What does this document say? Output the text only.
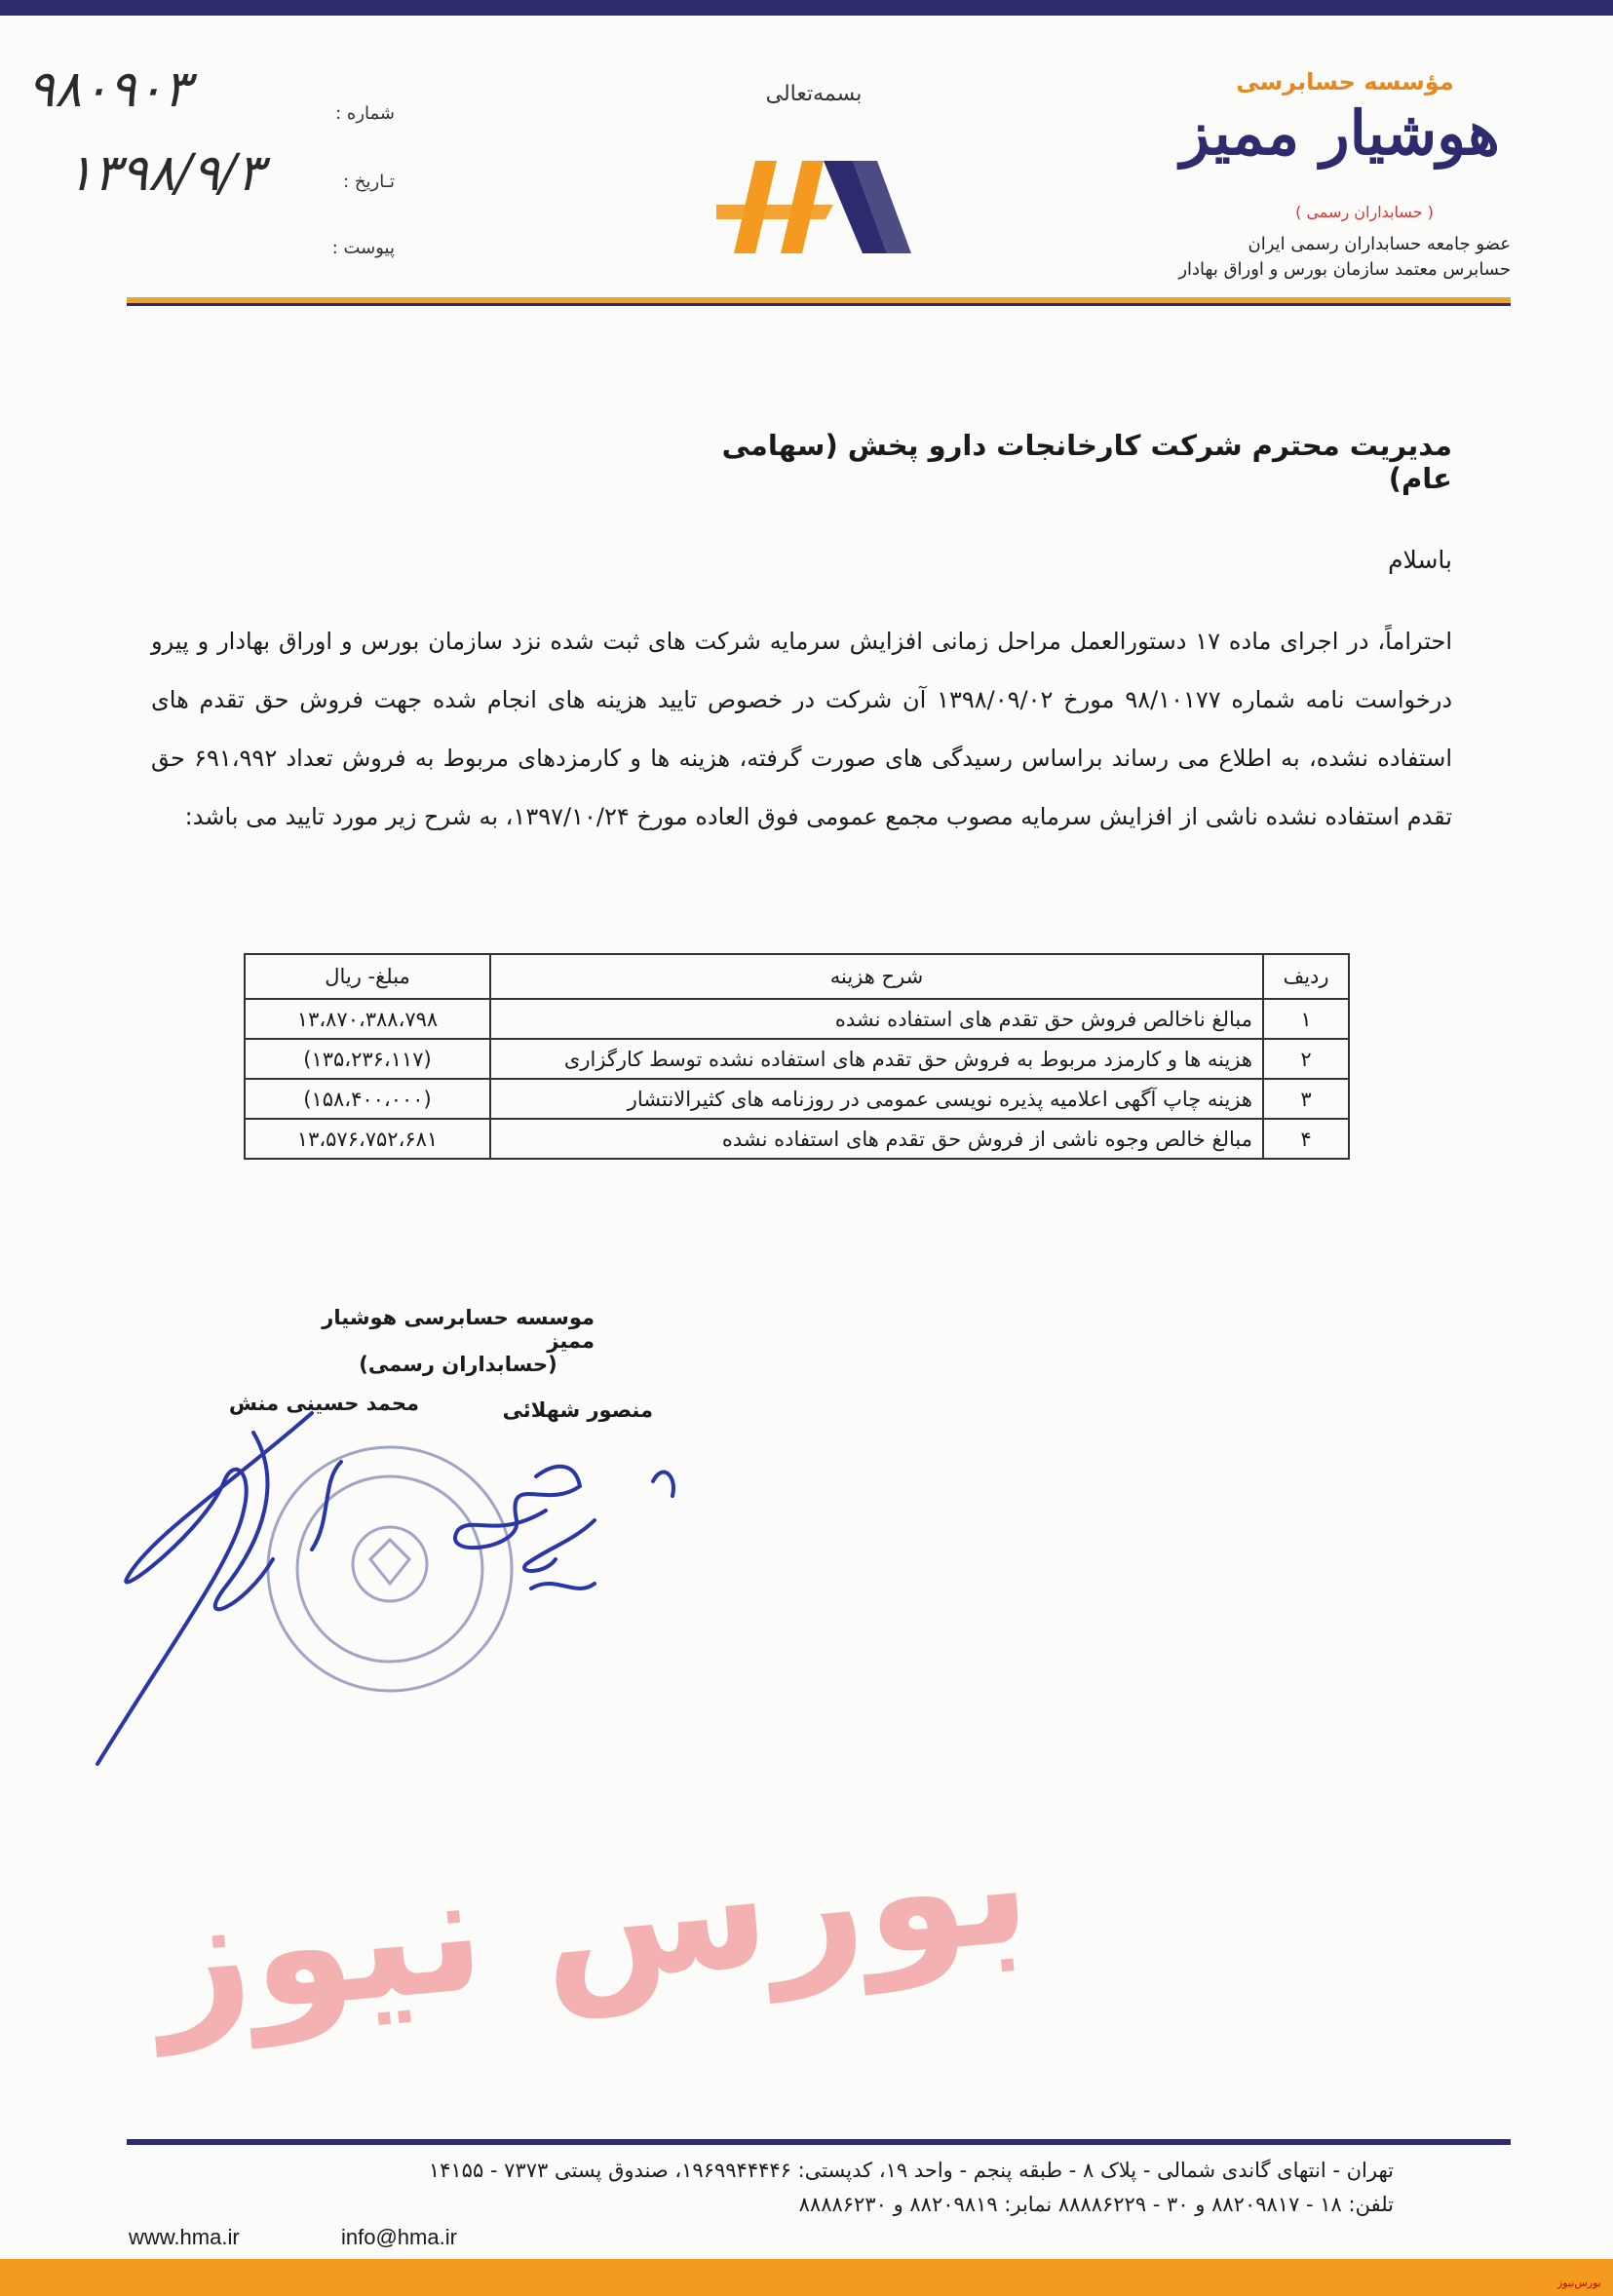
۹۸۰۹۰۳
۱۳۹۸/۹/۳
شماره :
تـاریخ :
پیوست :
بسمه‌تعالی	مؤسسه حسابرسی
هوشیار ممیز
( حسابداران رسمی )
عضو جامعه حسابداران رسمی ایران
حسابرس معتمد سازمان بورس و اوراق بهادار
مدیریت محترم شرکت کارخانجات دارو پخش (سهامی عام)
باسلام
احتراماً، در اجرای ماده ۱۷ دستورالعمل مراحل زمانی افزایش سرمایه شرکت های ثبت شده نزد سازمان بورس و اوراق بهادار و پیرو درخواست نامه شماره ۹۸/۱۰۱۷۷ مورخ ۱۳۹۸/۰۹/۰۲ آن شرکت در خصوص تایید هزینه های انجام شده جهت فروش حق تقدم های استفاده نشده، به اطلاع می رساند براساس رسیدگی های صورت گرفته، هزینه ها و کارمزدهای مربوط به فروش تعداد ۶۹۱،۹۹۲ حق تقدم استفاده نشده ناشی از افزایش سرمایه مصوب مجمع عمومی فوق العاده مورخ ۱۳۹۷/۱۰/۲۴، به شرح زیر مورد تایید می باشد:
ردیف	شرح هزینه	مبلغ- ریال
۱	مبالغ ناخالص فروش حق تقدم های استفاده نشده	۱۳،۸۷۰،۳۸۸،۷۹۸
۲	هزینه ها و کارمزد مربوط به فروش حق تقدم های استفاده نشده توسط کارگزاری	(۱۳۵،۲۳۶،۱۱۷)
۳	هزینه چاپ آگهی اعلامیه پذیره نویسی عمومی در روزنامه های کثیرالانتشار	(۱۵۸،۴۰۰،۰۰۰)
۴	مبالغ خالص وجوه ناشی از فروش حق تقدم های استفاده نشده	۱۳،۵۷۶،۷۵۲،۶۸۱
موسسه حسابرسی هوشیار ممیز
(حسابداران رسمی)
منصور شهلائی
محمد حسینی منش
بورس نیوز
تهران - انتهای گاندی شمالی - پلاک ۸ - طبقه پنجم - واحد ۱۹، کدپستی: ۱۹۶۹۹۴۴۴۴۶، صندوق پستی ۷۳۷۳ - ۱۴۱۵۵
تلفن: ۱۸ - ۸۸۲۰۹۸۱۷ و ۳۰ - ۸۸۸۸۶۲۲۹ نمابر: ۸۸۲۰۹۸۱۹ و ۸۸۸۸۶۲۳۰
www.hma.ir	info@hma.ir
بورس‌نیوز
